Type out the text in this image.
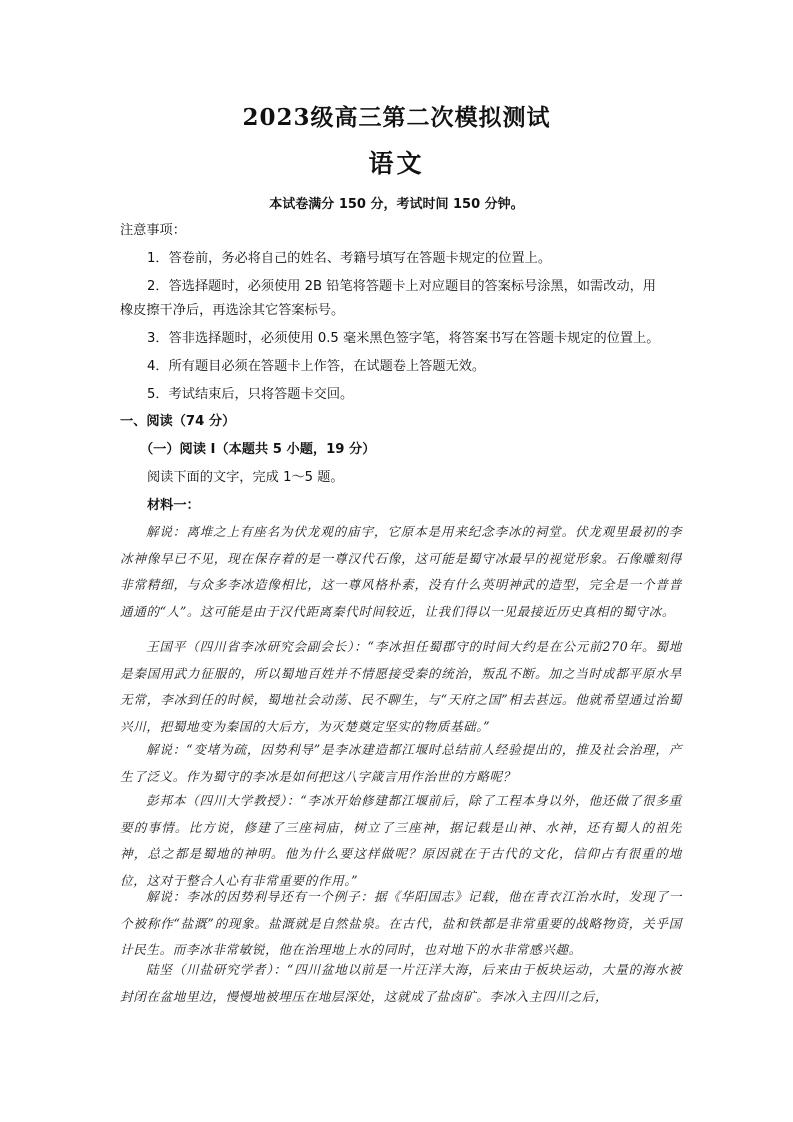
2023级高三第二次模拟测试
语文
本试卷满分 150 分，考试时间 150 分钟。
注意事项：
1．答卷前，务必将自己的姓名、考籍号填写在答题卡规定的位置上。
2．答选择题时，必须使用 2B 铅笔将答题卡上对应题目的答案标号涂黑，如需改动，用
橡皮擦干净后，再选涂其它答案标号。
3．答非选择题时，必须使用 0.5 毫米黑色签字笔，将答案书写在答题卡规定的位置上。
4．所有题目必须在答题卡上作答，在试题卷上答题无效。
5．考试结束后，只将答题卡交回。
一、阅读（74 分）
（一）阅读 I（本题共 5 小题，19 分）
阅读下面的文字，完成 1～5 题。
材料一：
解说：离堆之上有座名为伏龙观的庙宇，它原本是用来纪念李冰的祠堂。伏龙观里最初的李冰神像早已不见，现在保存着的是一尊汉代石像，这可能是蜀守冰最早的视觉形象。石像雕刻得非常精细，与众多李冰造像相比，这一尊风格朴素，没有什么英明神武的造型，完全是一个普普通通的“人”。这可能是由于汉代距离秦代时间较近，让我们得以一见最接近历史真相的蜀守冰。
王国平（四川省李冰研究会副会长）：“李冰担任蜀郡守的时间大约是在公元前270年。蜀地是秦国用武力征服的，所以蜀地百姓并不情愿接受秦的统治，叛乱不断。加之当时成都平原水旱无常，李冰到任的时候，蜀地社会动荡、民不聊生，与“天府之国”相去甚远。他就希望通过治蜀兴川，把蜀地变为秦国的大后方，为灭楚奠定坚实的物质基础。”
解说：“变堵为疏，因势利导”是李冰建造都江堰时总结前人经验提出的，推及社会治理，产生了泛义。作为蜀守的李冰是如何把这八字箴言用作治世的方略呢？
彭邦本（四川大学教授）：“李冰开始修建都江堰前后，除了工程本身以外，他还做了很多重要的事情。比方说，修建了三座祠庙，树立了三座神，据记载是山神、水神，还有蜀人的祖先神，总之都是蜀地的神明。他为什么要这样做呢？原因就在于古代的文化，信仰占有很重的地位，这对于整合人心有非常重要的作用。”
解说：李冰的因势利导还有一个例子：据《华阳国志》记载，他在青衣江治水时，发现了一个被称作“盐溉”的现象。盐溉就是自然盐泉。在古代，盐和铁都是非常重要的战略物资，关乎国计民生。而李冰非常敏锐，他在治理地上水的同时，也对地下的水非常感兴趣。
陆坚（川盐研究学者）：“四川盆地以前是一片汪洋大海，后来由于板块运动，大量的海水被封闭在盆地里边，慢慢地被埋压在地层深处，这就成了盐卤矿。李冰入主四川之后，
